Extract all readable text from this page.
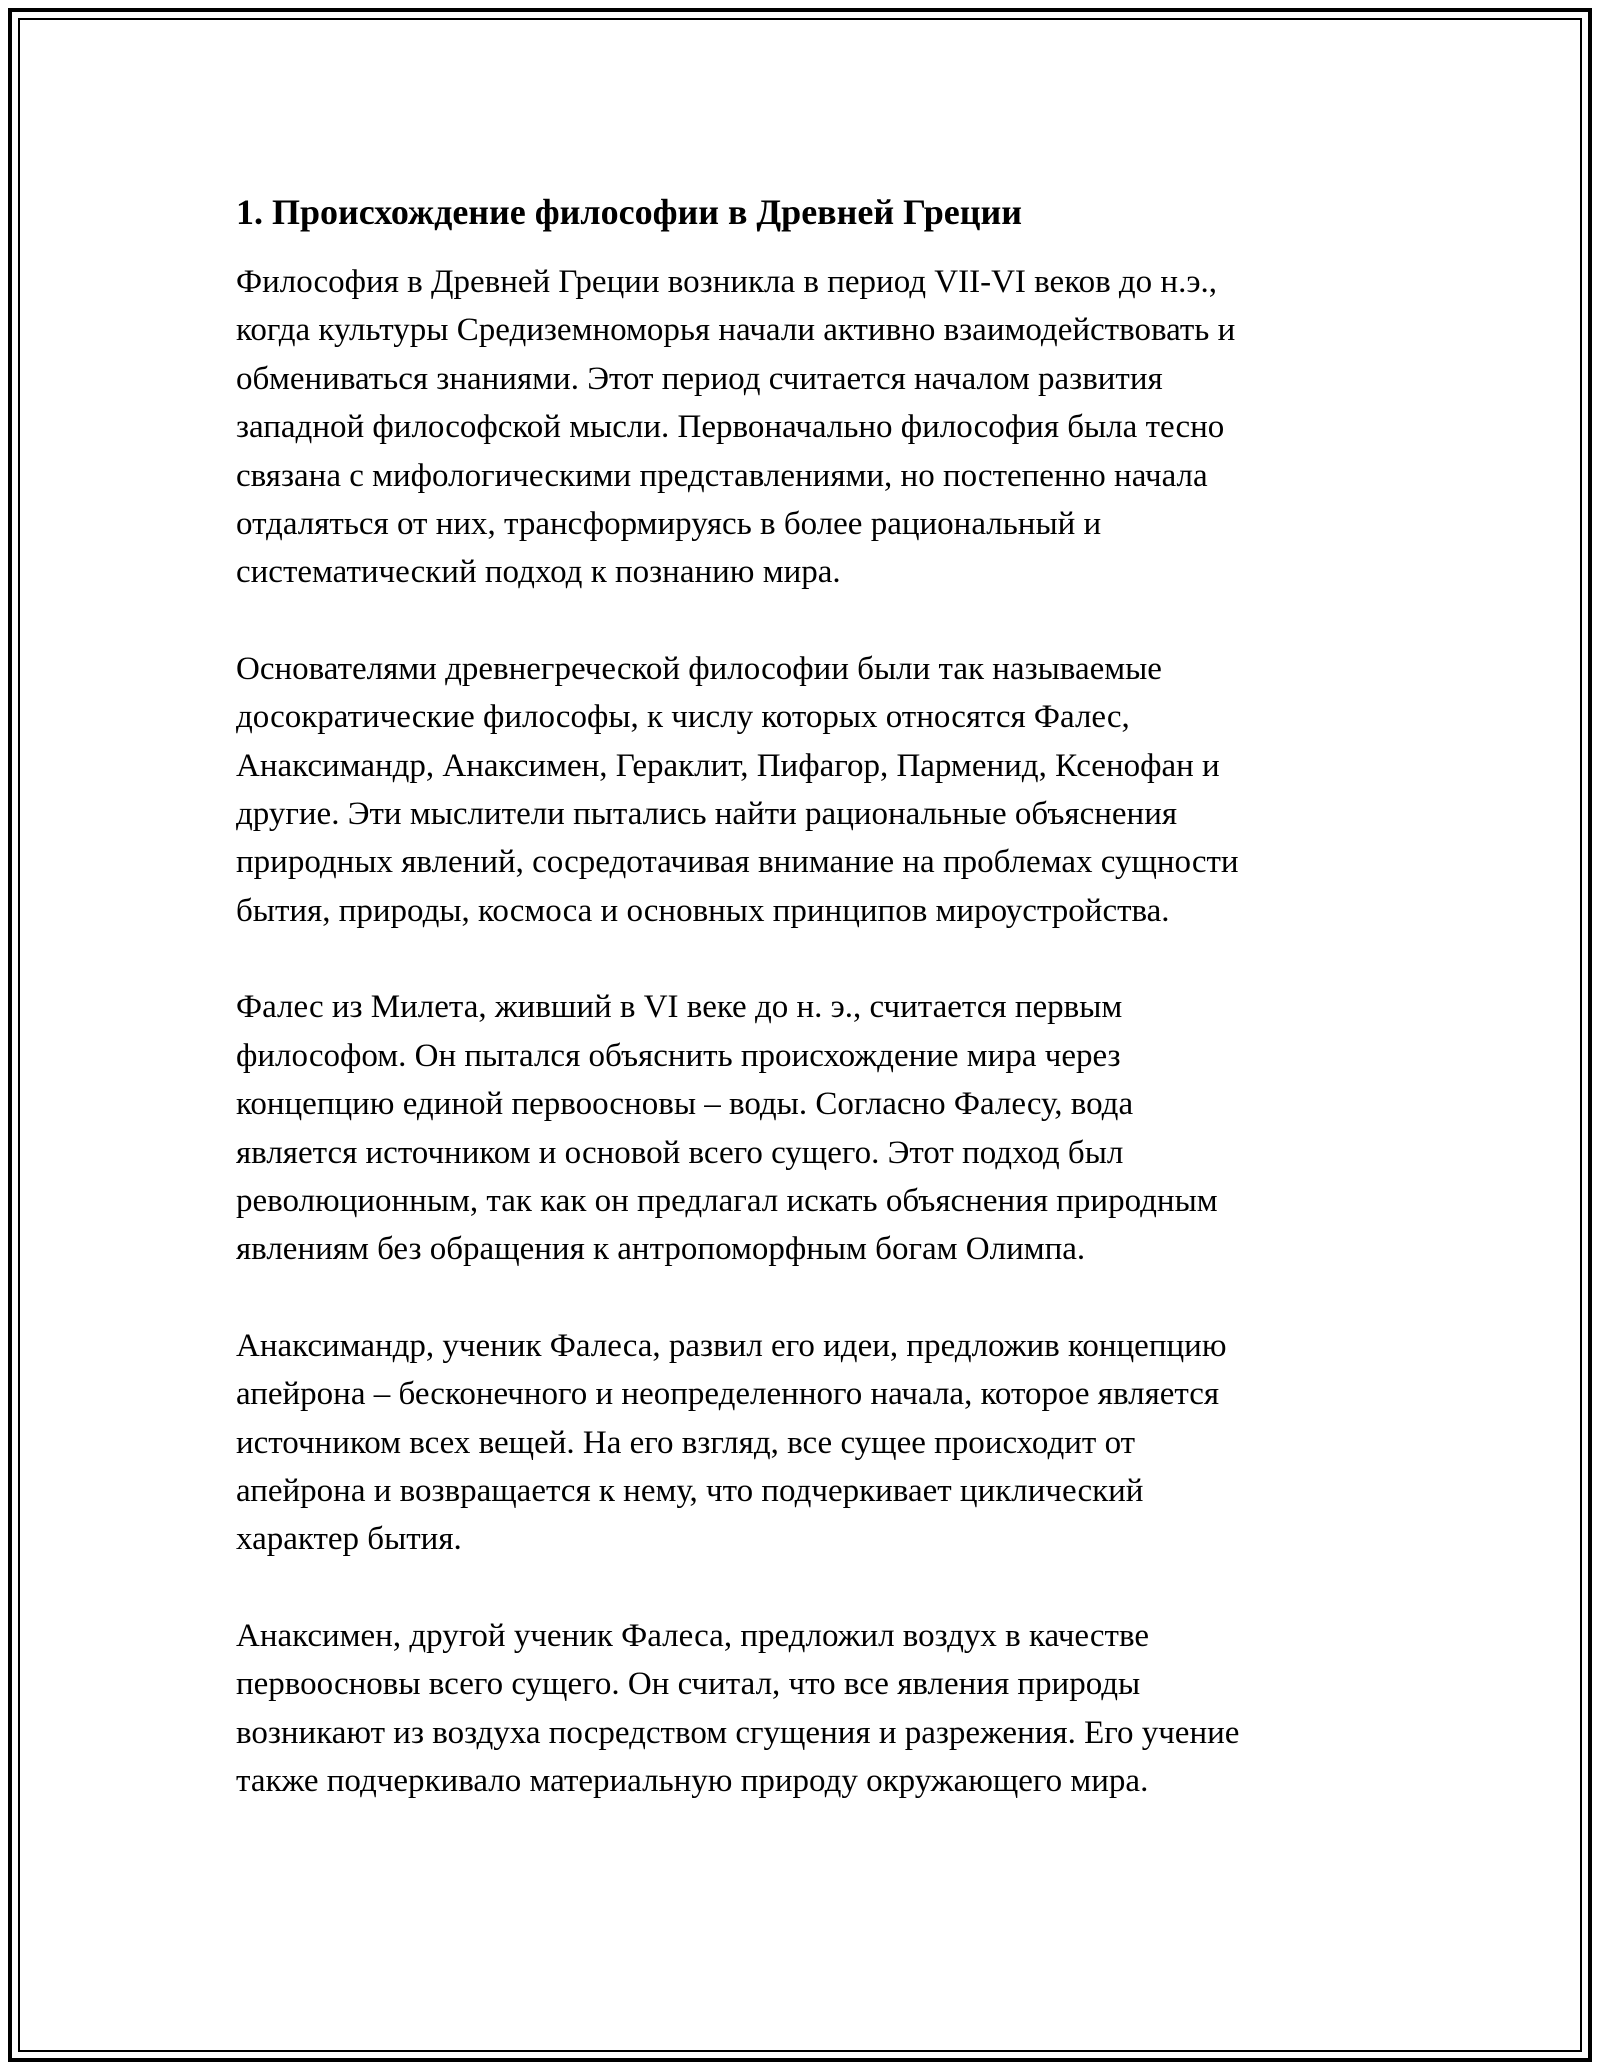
1. Происхождение философии в Древней Греции

Философия в Древней Греции возникла в период VII-VI веков до н.э.,
когда культуры Средиземноморья начали активно взаимодействовать и
обмениваться знаниями. Этот период считается началом развития
западной философской мысли. Первоначально философия была тесно
связана с мифологическими представлениями, но постепенно начала
отдаляться от них, трансформируясь в более рациональный и
систематический подход к познанию мира.

Основателями древнегреческой философии были так называемые
досократические философы, к числу которых относятся Фалес,
Анаксимандр, Анаксимен, Гераклит, Пифагор, Парменид, Ксенофан и
другие. Эти мыслители пытались найти рациональные объяснения
природных явлений, сосредотачивая внимание на проблемах сущности
бытия, природы, космоса и основных принципов мироустройства.

Фалес из Милета, живший в VI веке до н. э., считается первым
философом. Он пытался объяснить происхождение мира через
концепцию единой первоосновы – воды. Согласно Фалесу, вода
является источником и основой всего сущего. Этот подход был
революционным, так как он предлагал искать объяснения природным
явлениям без обращения к антропоморфным богам Олимпа.

Анаксимандр, ученик Фалеса, развил его идеи, предложив концепцию
апейрона – бесконечного и неопределенного начала, которое является
источником всех вещей. На его взгляд, все сущее происходит от
апейрона и возвращается к нему, что подчеркивает циклический
характер бытия.

Анаксимен, другой ученик Фалеса, предложил воздух в качестве
первоосновы всего сущего. Он считал, что все явления природы
возникают из воздуха посредством сгущения и разрежения. Его учение
также подчеркивало материальную природу окружающего мира.
